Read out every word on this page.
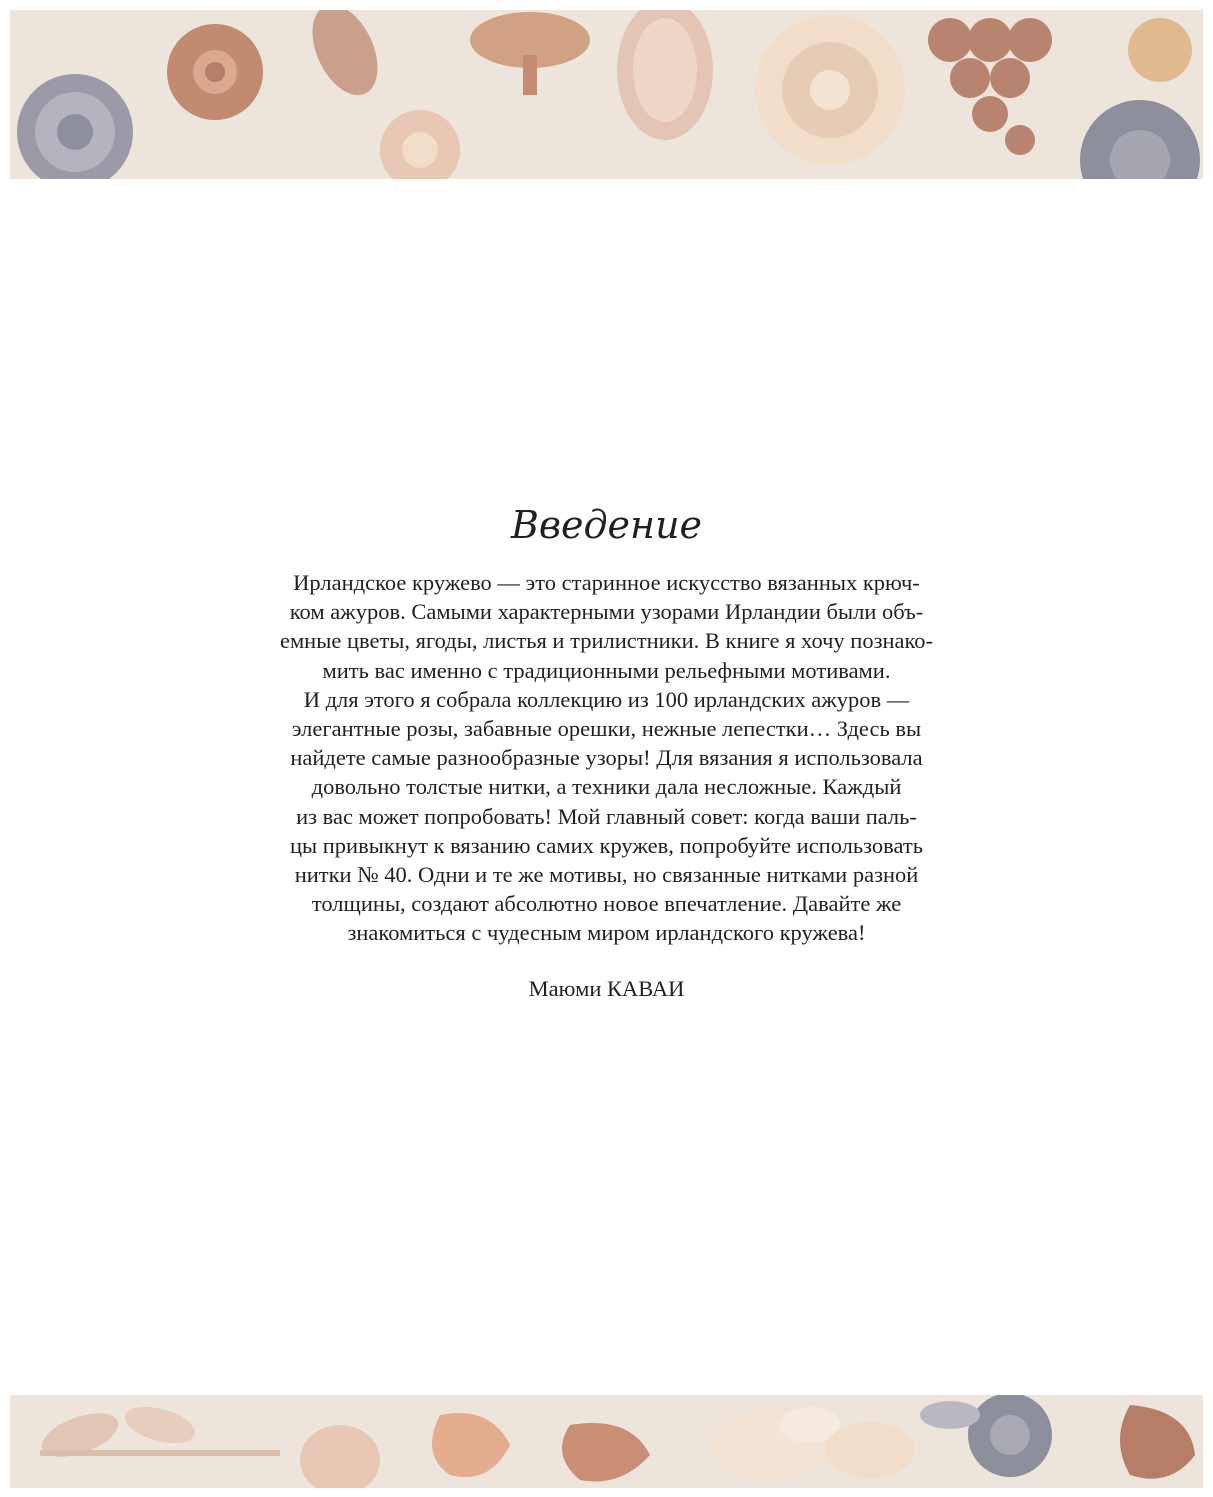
Введение
Ирландское кружево — это старинное искусство вязанных крюч-
ком ажуров. Самыми характерными узорами Ирландии были объ-
емные цветы, ягоды, листья и трилистники. В книге я хочу познако-
мить вас именно с традиционными рельефными мотивами.
И для этого я собрала коллекцию из 100 ирландских ажуров —
элегантные розы, забавные орешки, нежные лепестки… Здесь вы
найдете самые разнообразные узоры! Для вязания я использовала
довольно толстые нитки, а техники дала несложные. Каждый
из вас может попробовать! Мой главный совет: когда ваши паль-
цы привыкнут к вязанию самих кружев, попробуйте использовать
нитки № 40. Одни и те же мотивы, но связанные нитками разной
толщины, создают абсолютно новое впечатление. Давайте же
знакомиться с чудесным миром ирландского кружева!
Маюми КАВАИ
